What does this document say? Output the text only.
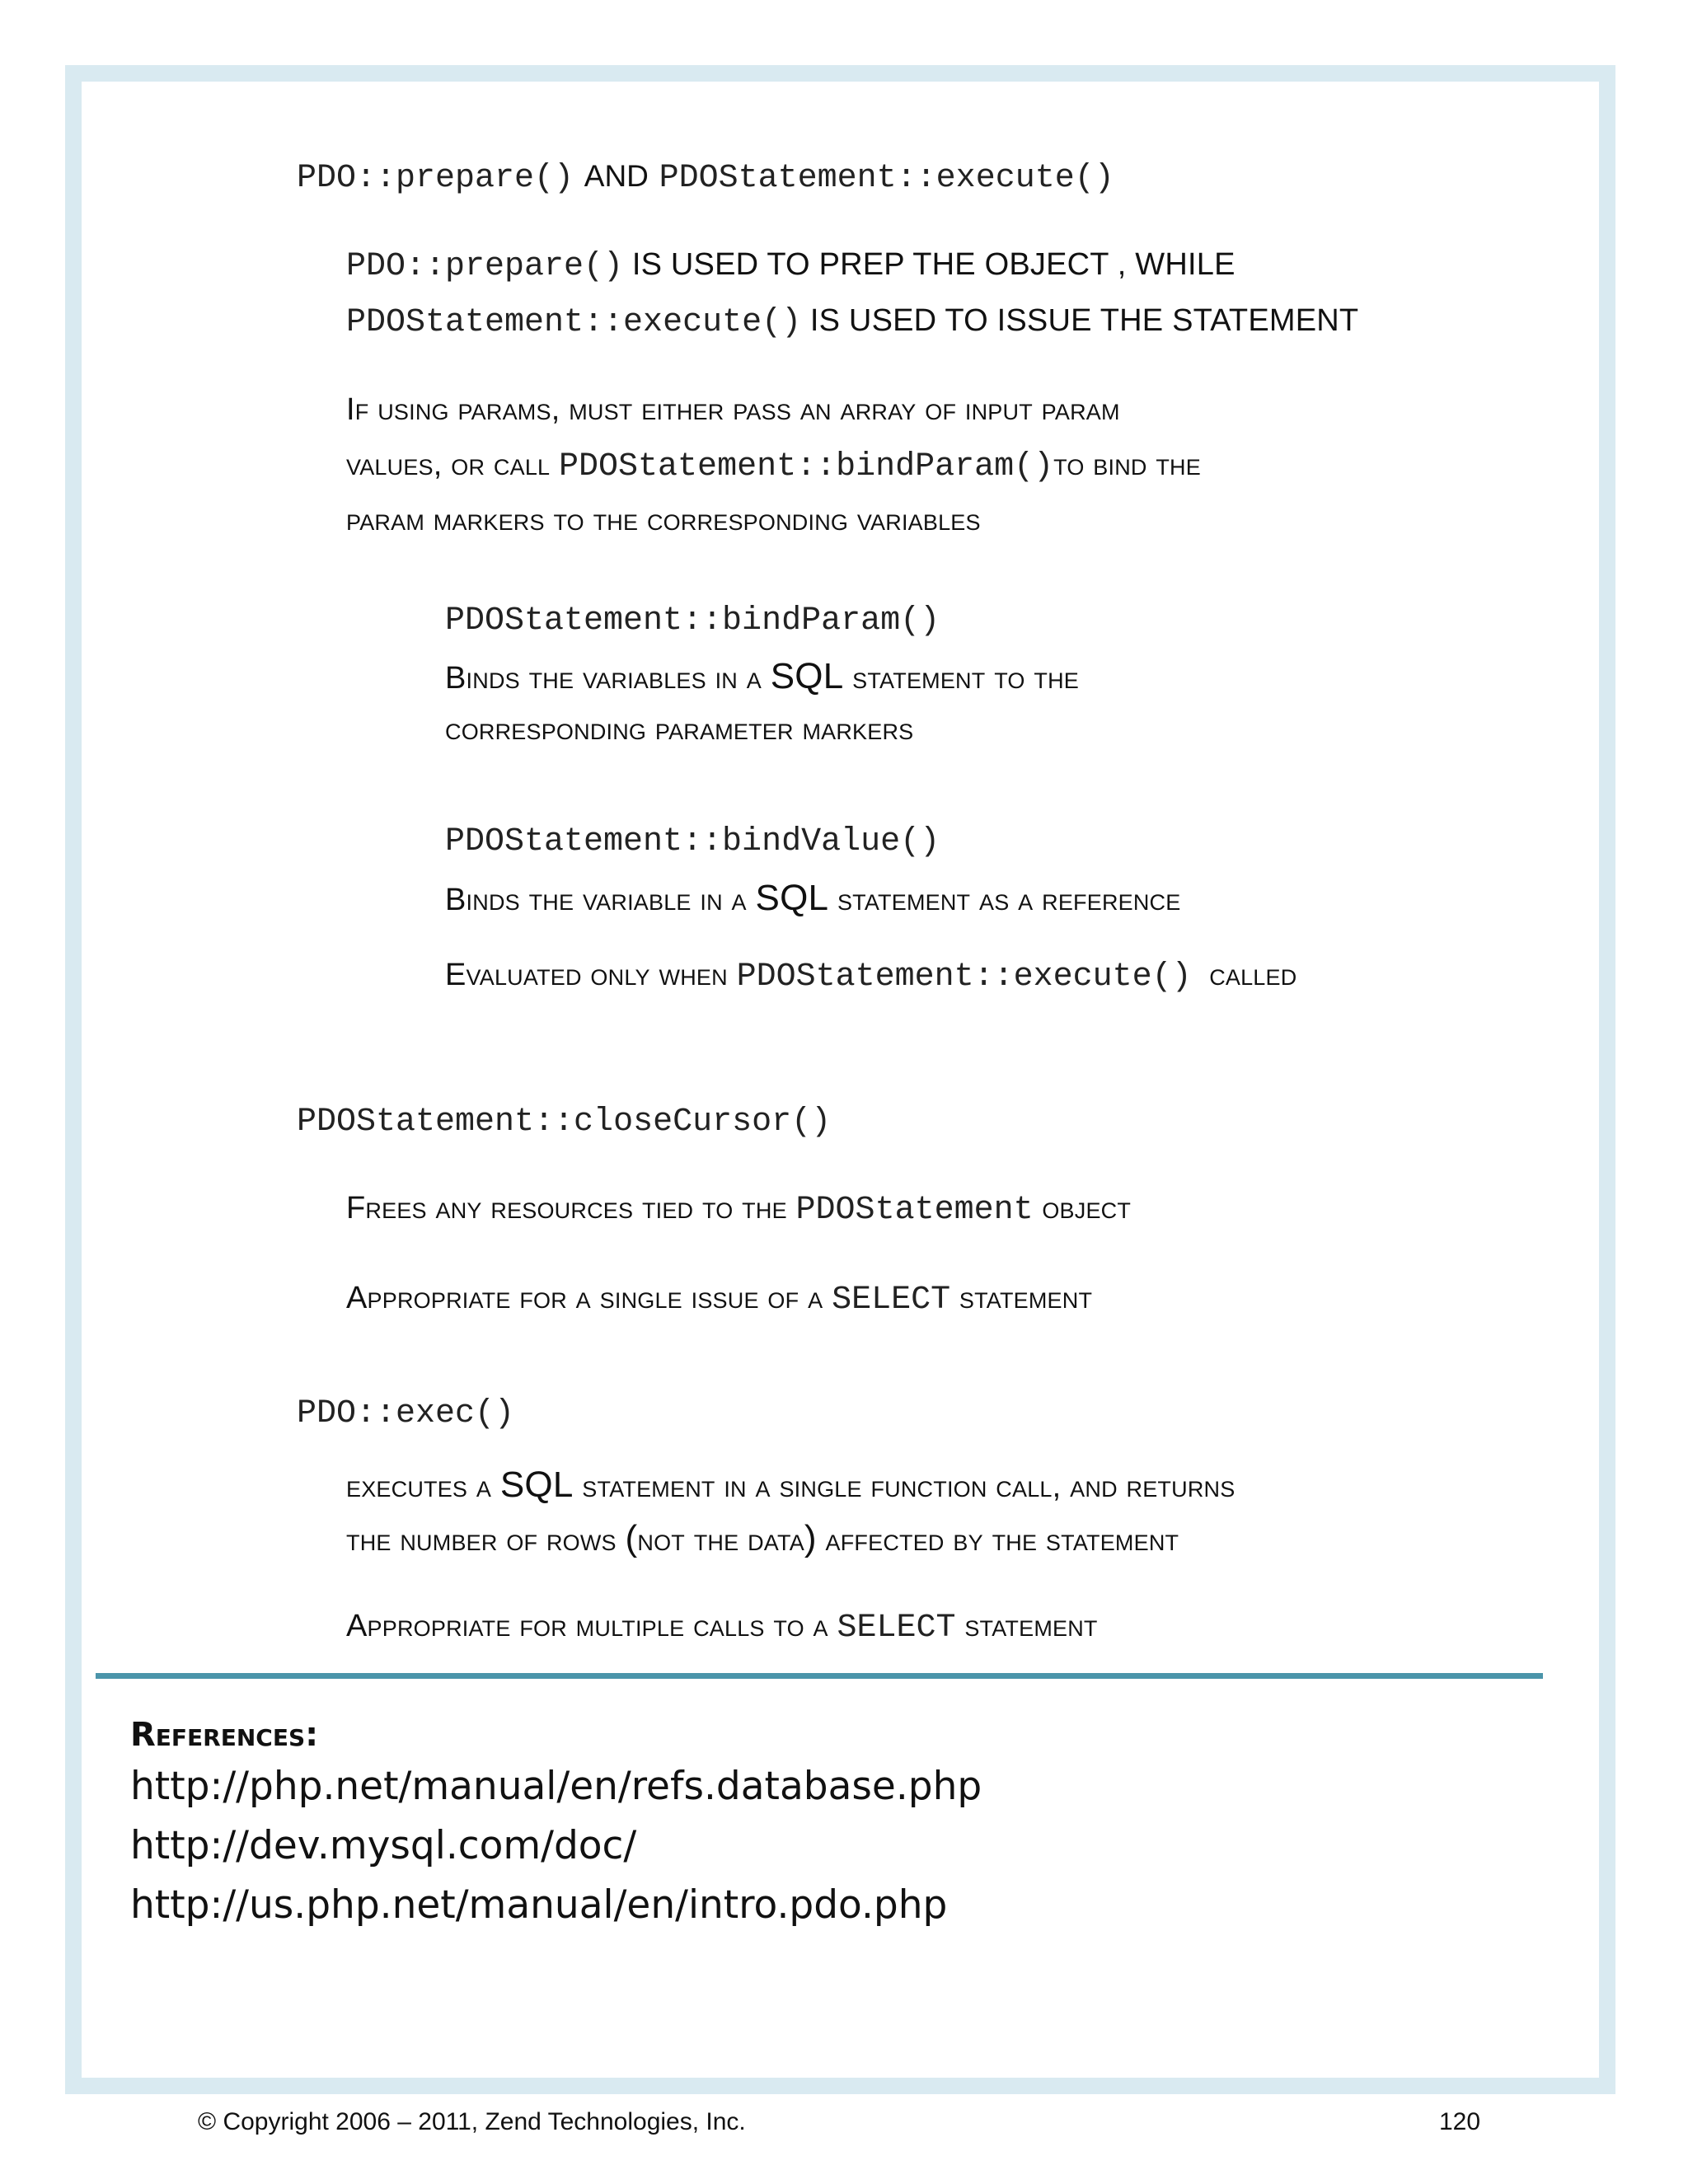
PDO::prepare() AND PDOStatement::execute()
PDO::prepare() IS USED TO PREP THE OBJECT , WHILE
PDOStatement::execute() IS USED TO ISSUE THE STATEMENT
If using params, must either pass an array of input param
values, or call PDOStatement::bindParam()to bind the
param markers to the corresponding variables
PDOStatement::bindParam()
Binds the variables in a SQL statement to the
corresponding parameter markers
PDOStatement::bindValue()
Binds the variable in a SQL statement as a reference
Evaluated only when PDOStatement::execute() called
PDOStatement::closeCursor()
Frees any resources tied to the PDOStatement object
Appropriate for a single issue of a SELECT statement
PDO::exec()
executes a SQL statement in a single function call, and returns
the number of rows (not the data) affected by the statement
Appropriate for multiple calls to a SELECT statement
References:
http://php.net/manual/en/refs.database.php
http://dev.mysql.com/doc/
http://us.php.net/manual/en/intro.pdo.php
© Copyright 2006 – 2011, Zend Technologies, Inc.	120
